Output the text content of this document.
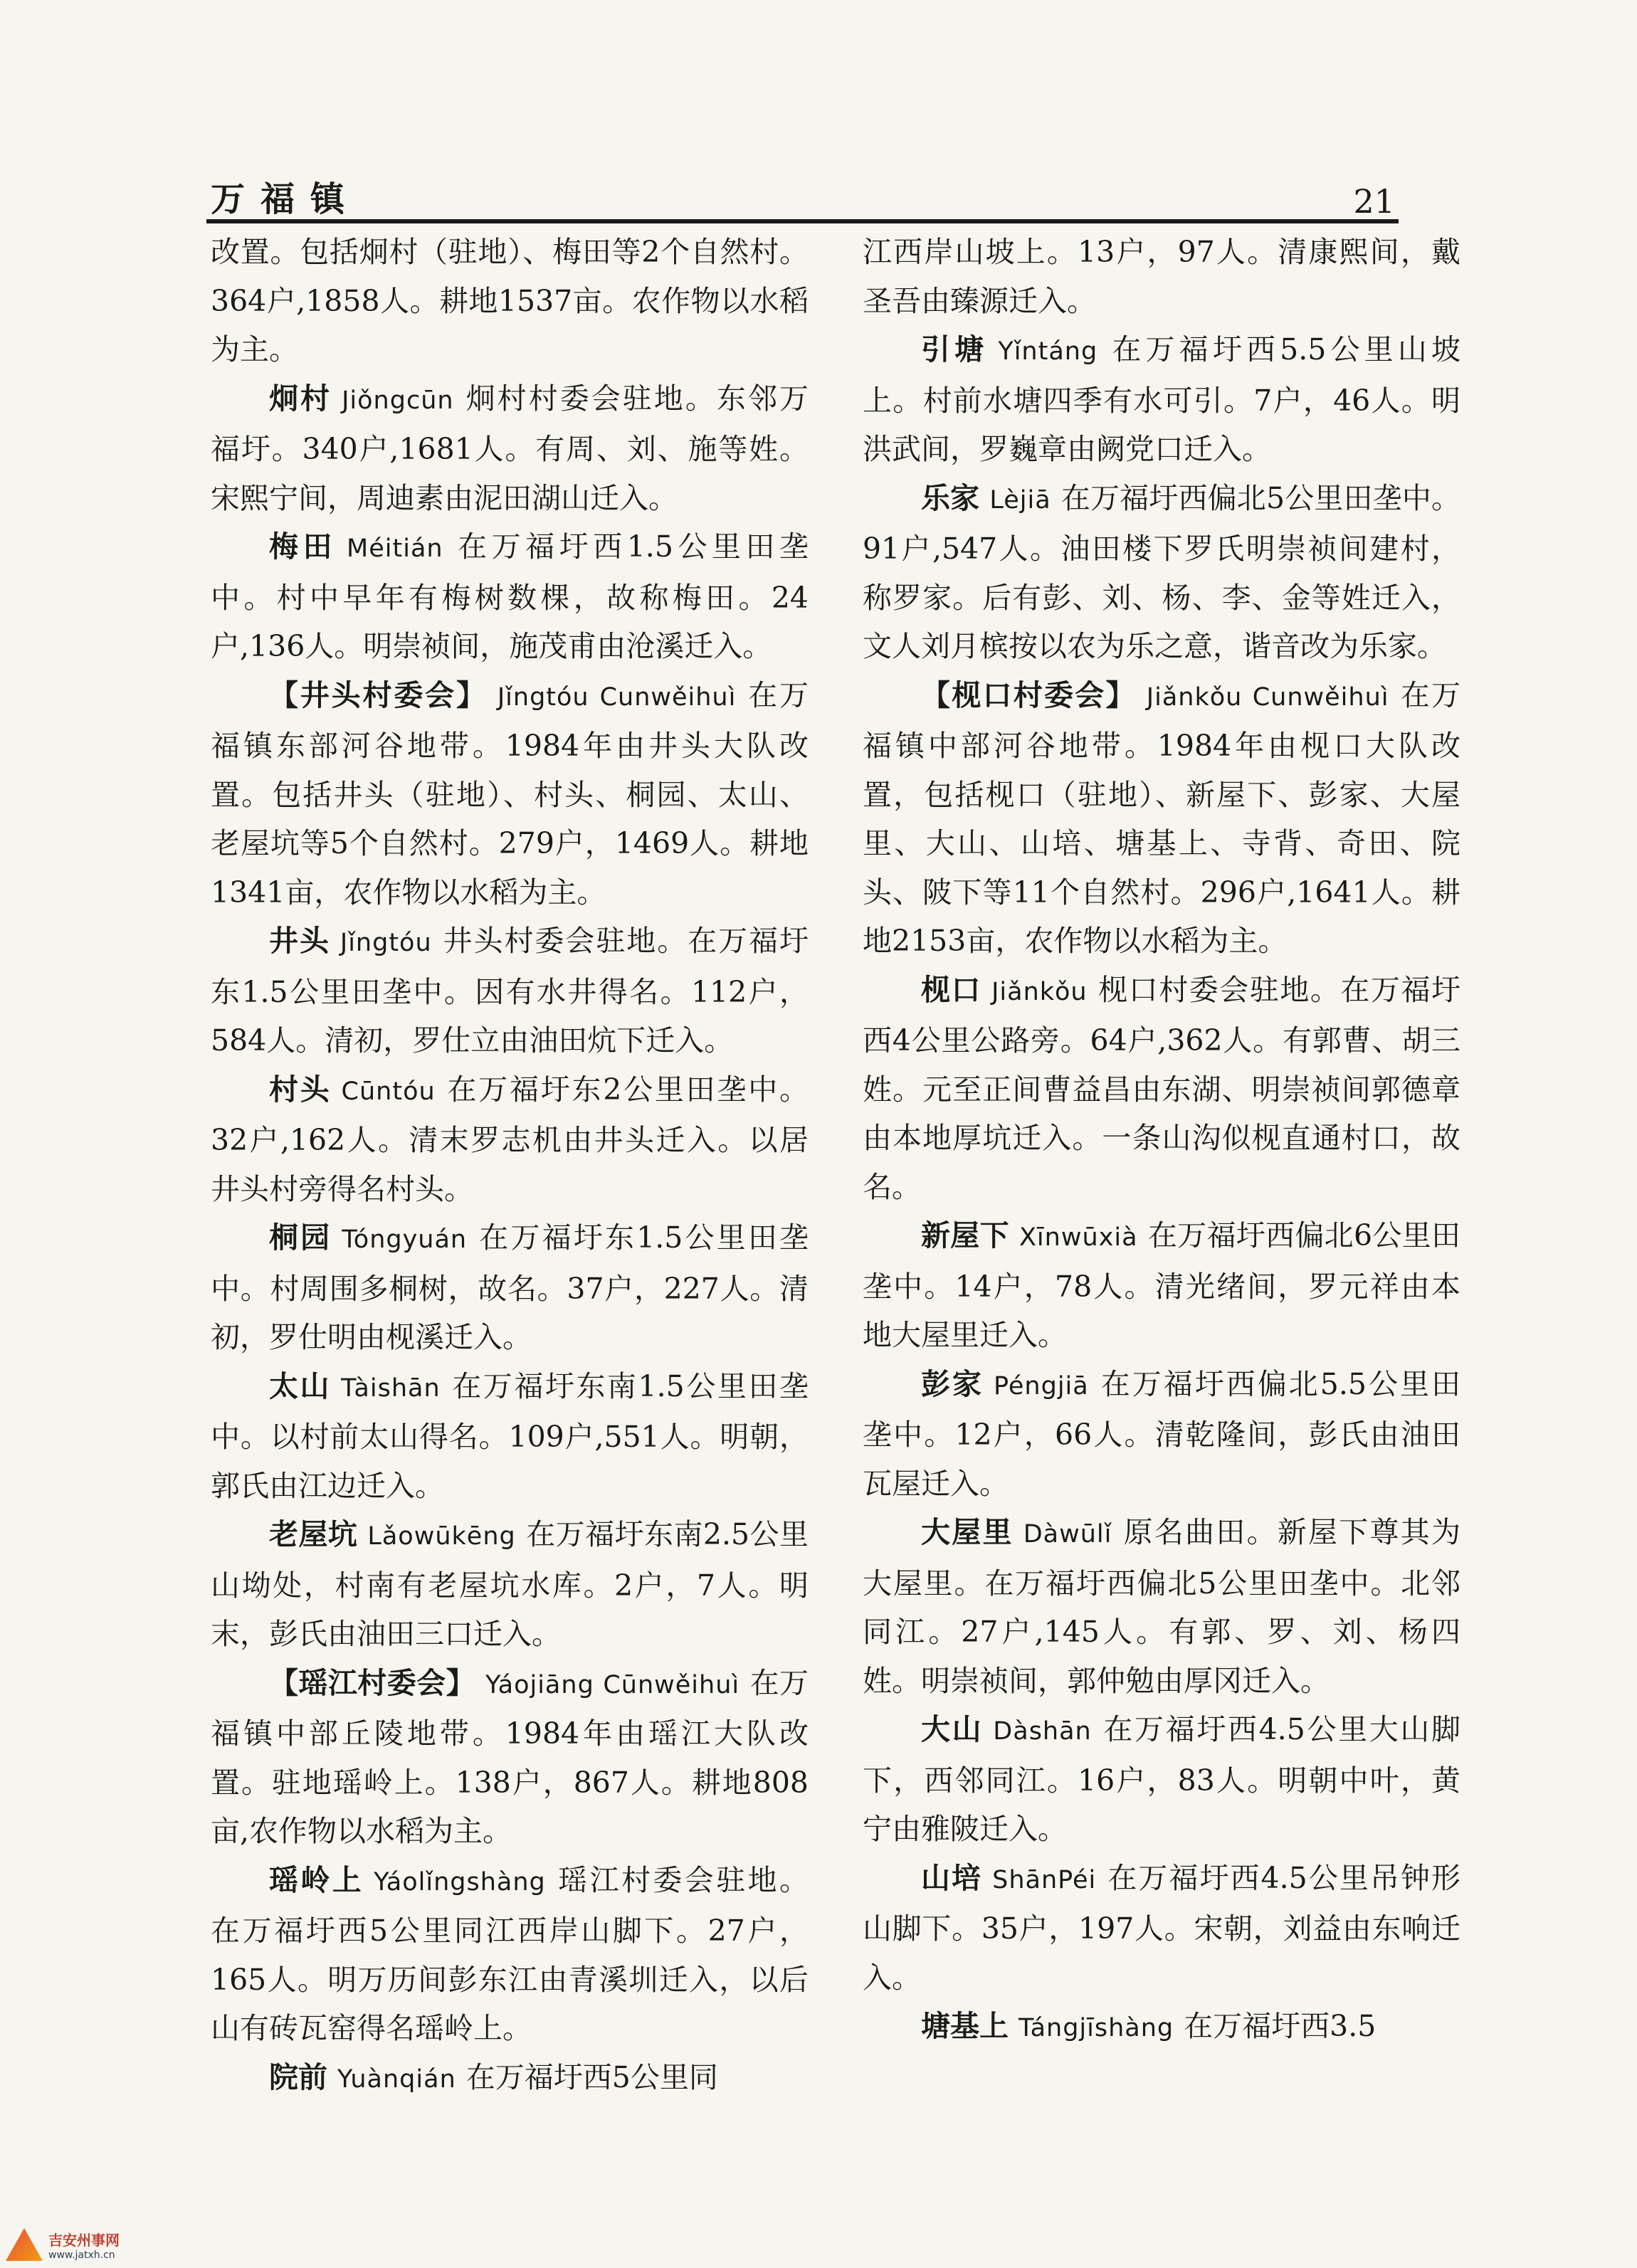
万福镇	21

改置。包括炯村（驻地）、梅田等2个自然村。364户,1858人。耕地1537亩。农作物以水稻为主。

炯村 Jiǒngcūn 炯村村委会驻地。东邻万福圩。340户,1681人。有周、刘、施等姓。宋熙宁间，周迪素由泥田湖山迁入。

梅田 Méitián 在万福圩西1.5公里田垄中。村中早年有梅树数棵，故称梅田。24户,136人。明崇祯间，施茂甫由沧溪迁入。

【井头村委会】 Jǐngtóu Cunwěihuì 在万福镇东部河谷地带。1984年由井头大队改置。包括井头（驻地）、村头、桐园、太山、老屋坑等5个自然村。279户，1469人。耕地1341亩，农作物以水稻为主。

井头 Jǐngtóu 井头村委会驻地。在万福圩东1.5公里田垄中。因有水井得名。112户，584人。清初，罗仕立由油田炕下迁入。

村头 Cūntóu 在万福圩东2公里田垄中。32户,162人。清末罗志机由井头迁入。以居井头村旁得名村头。

桐园 Tóngyuán 在万福圩东1.5公里田垄中。村周围多桐树，故名。37户，227人。清初，罗仕明由枧溪迁入。

太山 Tàishān 在万福圩东南1.5公里田垄中。以村前太山得名。109户,551人。明朝，郭氏由江边迁入。

老屋坑 Lǎowūkēng 在万福圩东南2.5公里山坳处，村南有老屋坑水库。2户，7人。明末，彭氏由油田三口迁入。

【瑶江村委会】 Yáojiāng Cūnwěihuì 在万福镇中部丘陵地带。1984年由瑶江大队改置。驻地瑶岭上。138户，867人。耕地808亩,农作物以水稻为主。

瑶岭上 Yáolǐngshàng 瑶江村委会驻地。在万福圩西5公里同江西岸山脚下。27户，165人。明万历间彭东江由青溪圳迁入，以后山有砖瓦窑得名瑶岭上。

院前 Yuànqián 在万福圩西5公里同

江西岸山坡上。13户，97人。清康熙间，戴圣吾由臻源迁入。

引塘 Yǐntáng 在万福圩西5.5公里山坡上。村前水塘四季有水可引。7户，46人。明洪武间，罗巍章由阙党口迁入。

乐家 Lèjiā 在万福圩西偏北5公里田垄中。91户,547人。油田楼下罗氏明崇祯间建村，称罗家。后有彭、刘、杨、李、金等姓迁入，文人刘月槟按以农为乐之意，谐音改为乐家。

【枧口村委会】 Jiǎnkǒu Cunwěihuì 在万福镇中部河谷地带。1984年由枧口大队改置，包括枧口（驻地）、新屋下、彭家、大屋里、大山、山培、塘基上、寺背、奇田、院头、陂下等11个自然村。296户,1641人。耕地2153亩，农作物以水稻为主。

枧口 Jiǎnkǒu 枧口村委会驻地。在万福圩西4公里公路旁。64户,362人。有郭曹、胡三姓。元至正间曹益昌由东湖、明崇祯间郭德章由本地厚坑迁入。一条山沟似枧直通村口，故名。

新屋下 Xīnwūxià 在万福圩西偏北6公里田垄中。14户，78人。清光绪间，罗元祥由本地大屋里迁入。

彭家 Péngjiā 在万福圩西偏北5.5公里田垄中。12户，66人。清乾隆间，彭氏由油田瓦屋迁入。

大屋里 Dàwūlǐ 原名曲田。新屋下尊其为大屋里。在万福圩西偏北5公里田垄中。北邻同江。27户,145人。有郭、罗、刘、杨四姓。明崇祯间，郭仲勉由厚冈迁入。

大山 Dàshān 在万福圩西4.5公里大山脚下，西邻同江。16户，83人。明朝中叶，黄宁由雅陂迁入。

山培 ShānPéi 在万福圩西4.5公里吊钟形山脚下。35户，197人。宋朝，刘益由东响迁入。

塘基上 Tángjīshàng 在万福圩西3.5

吉安州事网
www.jatxh.cn
